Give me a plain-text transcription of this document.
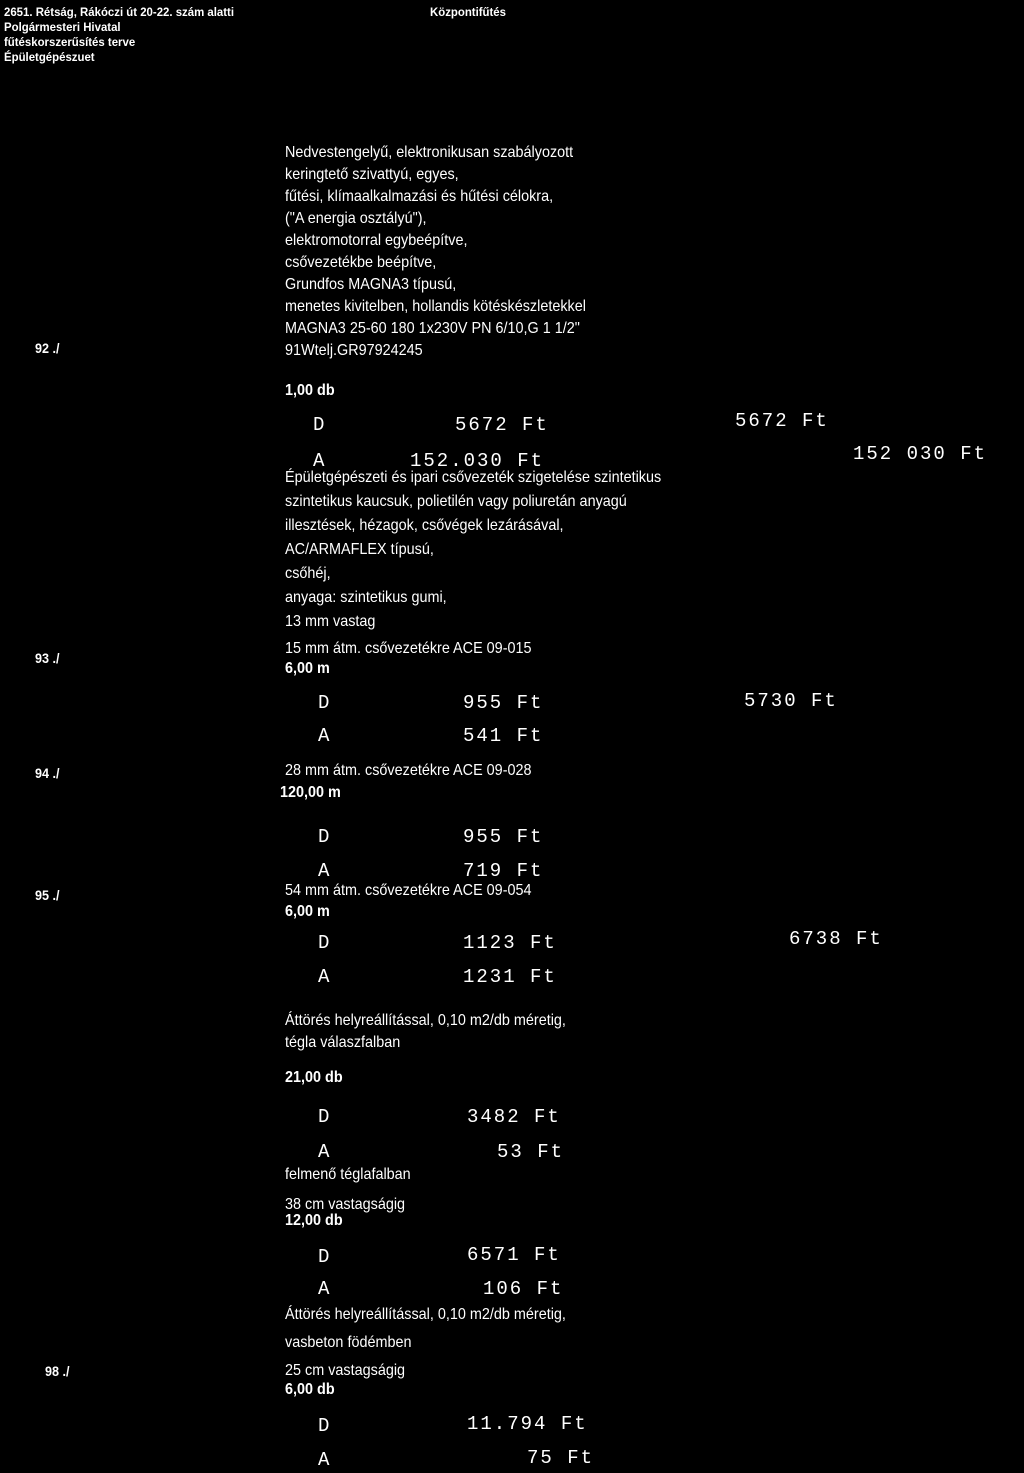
2651. Rétság, Rákóczi út 20-22. szám alatti
Polgármesteri Hivatal
fűtéskorszerűsítés terve
Épületgépészuet
Központifűtés
Nedvestengelyű, elektronikusan szabályozott
keringtető szivattyú, egyes,
fűtési, klímaalkalmazási és hűtési célokra,
("A energia osztályú"),
elektromotorral egybeépítve,
csővezetékbe beépítve,
Grundfos MAGNA3 típusú,
menetes kivitelben, hollandis kötéskészletekkel
MAGNA3 25-60 180 1x230V PN 6/10,G 1 1/2"
91Wtelj.GR97924245
92 ./
1,00 db
D	5672 Ft	5672 Ft
A	152.030 Ft	152 030 Ft
Épületgépészeti és ipari csővezeték szigetelése szintetikus
szintetikus kaucsuk, polietilén vagy poliuretán anyagú
illesztések, hézagok, csővégek lezárásával,
AC/ARMAFLEX típusú,
csőhéj,
anyaga: szintetikus gumi,
13 mm vastag
93 ./
15 mm átm. csővezetékre ACE 09-015
6,00 m
D	955 Ft	5730 Ft
A	541 Ft
94 ./	28 mm átm. csővezetékre ACE 09-028
120,00 m
D	955 Ft
A	719 Ft
95 ./	54 mm átm. csővezetékre ACE 09-054
6,00 m
D	1123 Ft	6738 Ft
A	1231 Ft
Áttörés helyreállítással, 0,10 m2/db méretig,
tégla válaszfalban
21,00 db
D	3482 Ft
A	53 Ft
felmenő téglafalban
38 cm vastagságig
12,00 db
D	6571 Ft
A	106 Ft
Áttörés helyreállítással, 0,10 m2/db méretig,
vasbeton födémben
25 cm vastagságig
98 ./
6,00 db
D	11.794 Ft
A	75 Ft
